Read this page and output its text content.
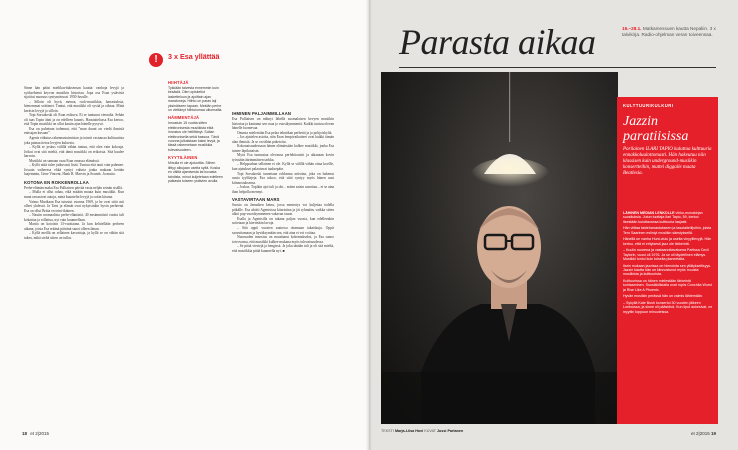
Sinne hän pääsi mielikuvituksensan kautta: vanhoja levyjä ja syöksehtenä keyvon musiikin historiaa. Jopa osa Esan ystävistä sijoittui nuoruus syntymävuosi 1950-luvulle.

– Silloin oli hyvä, menoa, rock-musiikkia, harrastuksia, hienommat soittimet. Tuntui, että musiikki oli syvää ja oikeaa. Minä keräsin levyjä jo silloin.

Topi Sorsakoski oli Esan esikuva. Ei se tuntunut vieraalta. Sehän oli taas Topin ääni ja on edelleen kaunis. Haastattelussa Esa kertoo, että Topin musiikki on ollut kautta ajan hänelle pysyvä.

Esa on puhetaan todennut, että ”mun duuni on viedä ihmisiä entisajan kuvaan”.

Agents eiikutus rakennustoimiston ja toimii vastuussa kulttuurista joka painaa tietoa levyjen kuluesta.

– Kyllä se joskus välillä vähän tuntuu, että olen vain kokoaja. Jotkut ovat sitä mieltä, että tämä musiikki on erikoista. Sitä kuulee harvoin.

Musiikki on samaan osaa Esan omassa elämässä.

– Kyllä niitä tulee jatkuvasti lisää. Tuntuu että tauti vain pahenee. Jossain vaiheessa ehkä syntyi valinta jonka mukaan kerään laajemmin, Gene Vincent, Hank B. Marvin ja Sounds. Ja muita.

KOTONA EN ROKKENROLLAA

Perhe-elämän maku Esa Pulliaisen päivää vasta neljän seinän sisällä.

– Mulla ei ollut rahaa, eikä mitään muuta kuin musiikki. Kun muut rassasivat autoja, minä kuuntelin levyjä ja soitin kitaraa.

Vaimo Marikaan Esa tutustui vuonna 1969, ja he ovat siitä asti olleet yhdessä. Ja Tarsi ja elämät ovat nykyisinkin hyvin perheenä. Esa on ollut Britta en teini-ikäinen.

– Nautin normaalista perhe-elämästä, 40 ensimmäistä vuotta tuli kokattua ja rollattua, nyt vain kuunnellaan.

Marita on kotoisin 13-vuotiaana. Ja kun kehitellään perheen aikana, joista Esa eräänä päivänä sanoi olleen ilman.

– Kyllä meillä on sellainen kasvattaja, ja kyllä se on vähän sitä tukea, mikä sieltä sitten on tullut.

!	3 x Esa yllättää
HIIHTÄJÄ

Tykkään talvesta ennemmin kuin kesästä. Olen opiskellut lasketteluun ja ajoittain ajan maratoneja. Hiihto on paras laji yksinäiseen tapaan. Meidän perhe on viettänyt hiihtolomaa ulkomailla.

HÄMMENTÄJÄ

Innostuin 15 vuotta sitten elektronisesta musiikista eikä innostus ole hellittänyt. Soitan elektronisella sekä bassoa. Tänä vuonna julkaistaan kaksi levyä, ja tässä rakennetaan musiikkia tulevaisuuteen.

KYYTILÄINEN

Minulla ei ole ajokorttia. Siihen liittyy alkujaan useita syitä. Koska en välitä ajamisesta tai kovasta tahdista, minut kuljetetaan edelleen paikasta toiseen ystävien avulla.

IHMINEN PALJAIMMILLAAN

Esa Pulliaisen on nähnyt lähellä suomalaisen kevyen musiikin historiaa ja kantanut sen osaa jo vuosikymmeniä. Kaikki tuntuu olevan hänelle luontevaa.

Omasta mielestään Esa pelaa tekniikan perhettä ja jo pohjoiskyliä.

– Jos ajattelen asioita, niin Esan lempivaikutteet ovat kaikki tämän alan ihmisiä. Ja se on tähän paketoitu.

Kokonaisuudessaan hänen elämässään kulkee musiikki, jonka Esa tuntee läpikotaisin.

Myös Esa tunnustaa olevansa perfektionisti ja aikanaan kovin työssään äärimmäisen tarkka.

– Helppoahan sellainen ei ole. Kyllä se välillä vähän ottaa koville, kun ajatukset palautuvat taaksepäin.

Topi Sorsakoski tunnetaan rohkeana artistina, joka on hakenut uusia tyylilajeja. Esa uskoo, että siitä syntyy myös hänen uusi kiinnostuksensa.

– Joskus. Topikin ajoi tuli ja ohi... miten saisin sanottua... ei se aina ihan helpolla mennyt.

VASTAVIRTAAN MARS

Suosio on Jamaiken keinu, jossa menestys voi kuljettaa todella pitkälle. Esa aloitti Agentsissa kitaristina ja jäi ryhmään, vaikka sitten alkoi pop-vuosikymmenen vakavan tauon.

Esalla ja Agentsilla on takana paljon vuosia, kun edelleenkin soitetaan ja kierretään lavoja.

– Sitä oppii vuosien saatossa ottamaan takaiskuja. Oppii saavuttamaan ja hyväksymään sen, että aina ei voi voittaa.

Nuoruuden innostus on muuttunut kokemukseksi, ja Esa sanoo toivovansa, että musiikki kulkee mukana myös tulevaisuudessa.

– Se pitää viestejä ja hengissä. Ja joku tänään tuli ja oli sitä mieltä, että musiikkia pitää kuunnella nyt. ■

18 et 2|2015
Parasta aikaa	15.–28.1. Matkamessuen kautta Nepaliin. 3 x talvikirja. Radio-ohjelman veran toiveensaa.
TEKSTI Marja-Liisa Hovi KUVAT Jussi Partanen
KULTTUURIKULKURI
Jazzin paratiisissa
Porilainen ILARI TAPIO kuluttaa kulttuuria ennakkoluulottomasti. Hän hakeutuu niin klassisen kuin underground-musiikin konsertteihin, muttei diggaile maata Beatlesia.

LÄHINEN MEDIAN LENKOLLE vihko-monakirjan suosituksia. Jutun tuottaja Ilari Tapio, 59, kertoo itsestään kuluttavansa kulttuuria laajasti.

Hän viittaa taideharrastukseen ja tasotaiteilijoihin, joista Tero Saarinen esiintyi musiikin säestyksellä.

Hänellä on vanha Hunt-viulu ja useita vinyylilevyjä. Hän kertoo, että ei erityisesti jazz ole tärkeintä.

– Kuulin nuorena ja vastaanottavaisena Pariissa Cecil Taylorin, vuosi oli 1976. Ja se oli täydellinen elämys. Musiikki tuntui kuin toiselta planeetalta.

Ilarin mukaan jazzissa on hienointa sen yllätyksellisyys. Jazzin kautta hän on kiinnostunut myös muusta musiikista ja kulttuurista.

Kulttuurissa on hänen mielestään tärkeintä kohtaaminen. Suosikkilistalla ovat myös Conchita Wurst ja Rise Like A Phoenix.

Hyvän musiikin perässä hän on valmis lähtemään.

– Sykyllä Kate Bush konsertoi 30 vuoden jälkeen Lontoossa, ja sinne oli päästävä. Kun liput aukesivat, ne myytiin loppuun minuuteissa.

et 2|2015 19
